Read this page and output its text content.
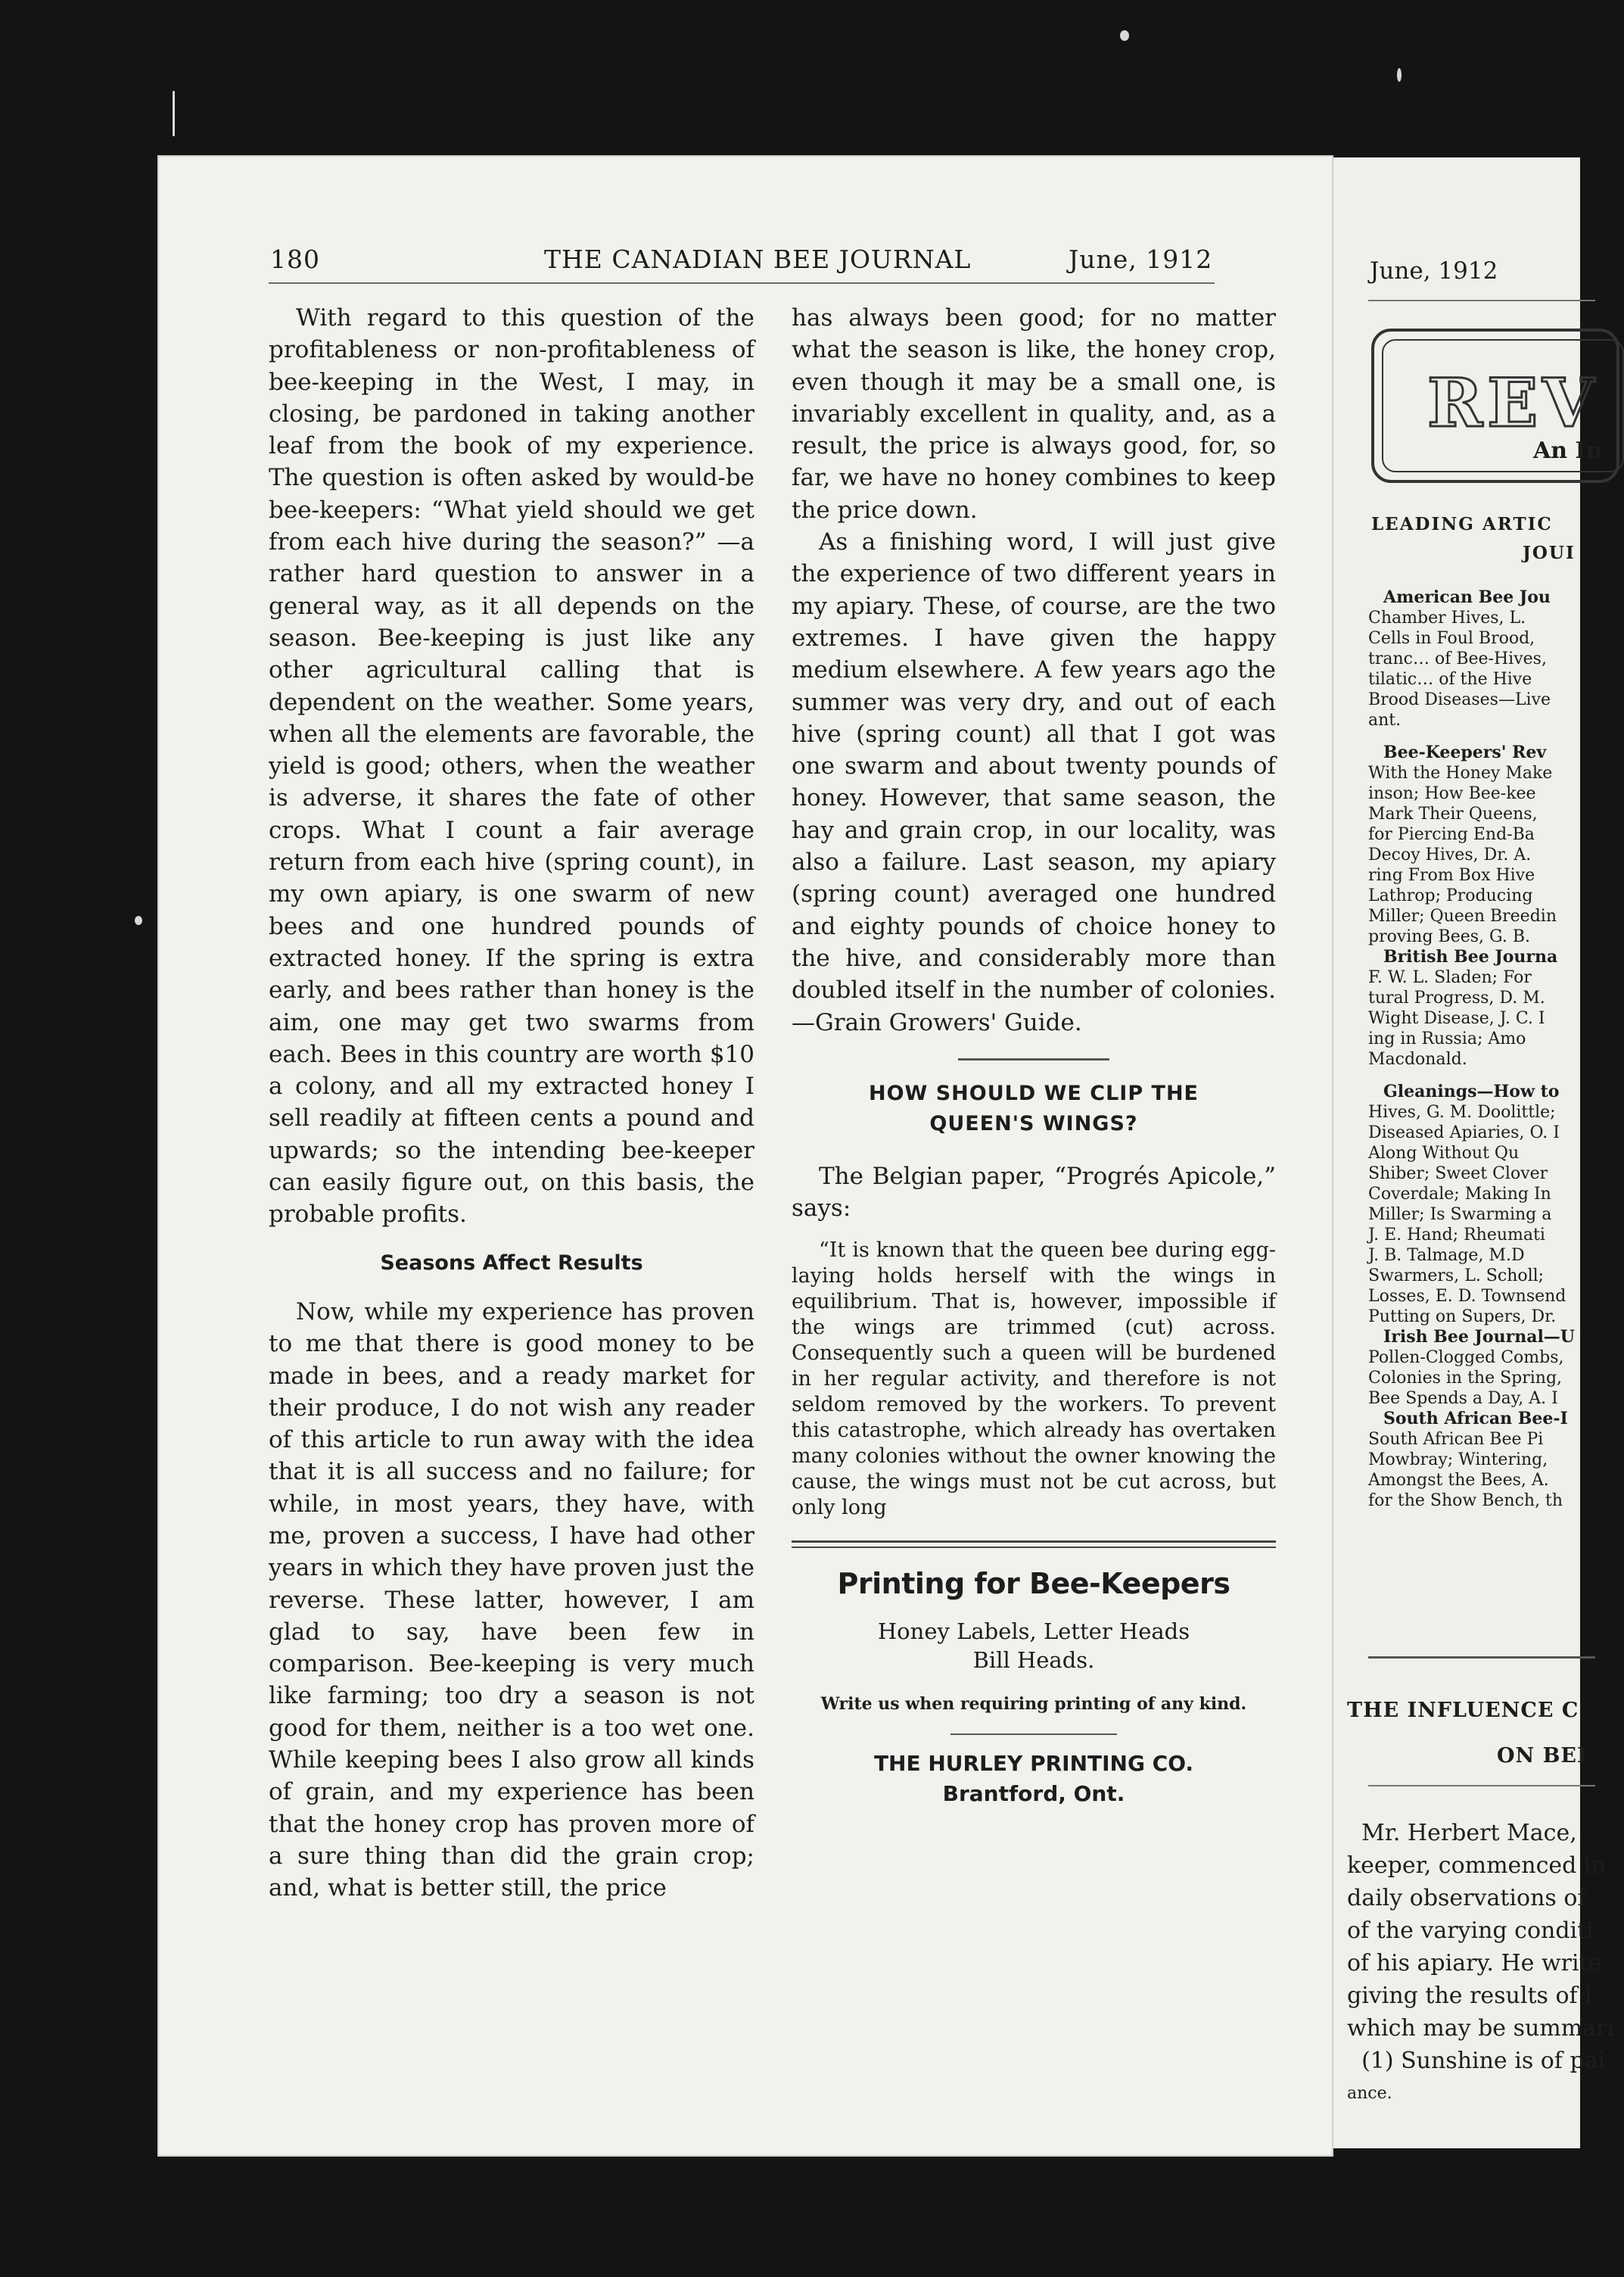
180	THE CANADIAN BEE JOURNAL	June, 1912

With regard to this question of the profitableness or non-profitableness of bee-keeping in the West, I may, in closing, be pardoned in taking another leaf from the book of my experience. The question is often asked by would-be bee-keepers: “What yield should we get from each hive during the season?” —a rather hard question to answer in a general way, as it all depends on the season. Bee-keeping is just like any other agricultural calling that is dependent on the weather. Some years, when all the elements are favorable, the yield is good; others, when the weather is adverse, it shares the fate of other crops. What I count a fair average return from each hive (spring count), in my own apiary, is one swarm of new bees and one hundred pounds of extracted honey. If the spring is extra early, and bees rather than honey is the aim, one may get two swarms from each. Bees in this country are worth $10 a colony, and all my extracted honey I sell readily at fifteen cents a pound and upwards; so the intending bee-keeper can easily figure out, on this basis, the probable profits.

Seasons Affect Results

Now, while my experience has proven to me that there is good money to be made in bees, and a ready market for their produce, I do not wish any reader of this article to run away with the idea that it is all success and no failure; for while, in most years, they have, with me, proven a success, I have had other years in which they have proven just the reverse. These latter, however, I am glad to say, have been few in comparison. Bee-keeping is very much like farming; too dry a season is not good for them, neither is a too wet one. While keeping bees I also grow all kinds of grain, and my experience has been that the honey crop has proven more of a sure thing than did the grain crop; and, what is better still, the price

has always been good; for no matter what the season is like, the honey crop, even though it may be a small one, is invariably excellent in quality, and, as a result, the price is always good, for, so far, we have no honey combines to keep the price down.

As a finishing word, I will just give the experience of two different years in my apiary. These, of course, are the two extremes. I have given the happy medium elsewhere. A few years ago the summer was very dry, and out of each hive (spring count) all that I got was one swarm and about twenty pounds of honey. However, that same season, the hay and grain crop, in our locality, was also a failure. Last season, my apiary (spring count) averaged one hundred and eighty pounds of choice honey to the hive, and considerably more than doubled itself in the number of colonies.—Grain Growers' Guide.

HOW SHOULD WE CLIP THE
QUEEN'S WINGS?

The Belgian paper, “Progrés Apicole,” says:

“It is known that the queen bee during egg-laying holds herself with the wings in equilibrium. That is, however, impossible if the wings are trimmed (cut) across. Consequently such a queen will be burdened in her regular activity, and therefore is not seldom removed by the workers. To prevent this catastrophe, which already has overtaken many colonies without the owner knowing the cause, the wings must not be cut across, but only long

Printing for Bee-Keepers
Honey Labels, Letter Heads
Bill Heads.
Write us when requiring printing of any kind.
THE HURLEY PRINTING CO.
Brantford, Ont.
June, 1912
REV
An In
LEADING ARTIC
JOUI
American Bee Jou
Chamber Hives, L.
Cells in Foul Brood,
tranc… of Bee-Hives,
tilatic… of the Hive
Brood Diseases—Live
ant.
Bee-Keepers' Rev
With the Honey Make
inson; How Bee-kee
Mark Their Queens,
for Piercing End-Ba
Decoy Hives, Dr. A.
ring From Box Hive
Lathrop; Producing
Miller; Queen Breedin
proving Bees, G. B.
British Bee Journa
F. W. L. Sladen; For
tural Progress, D. M.
Wight Disease, J. C. I
ing in Russia; Amo
Macdonald.
Gleanings—How to
Hives, G. M. Doolittle;
Diseased Apiaries, O. I
Along Without Qu
Shiber; Sweet Clover
Coverdale; Making In
Miller; Is Swarming a
J. E. Hand; Rheumati
J. B. Talmage, M.D
Swarmers, L. Scholl;
Losses, E. D. Townsend
Putting on Supers, Dr.
Irish Bee Journal—U
Pollen-Clogged Combs,
Colonies in the Spring,
Bee Spends a Day, A. I
South African Bee-I
South African Bee Pi
Mowbray; Wintering,
Amongst the Bees, A.
for the Show Bench, th
THE INFLUENCE C
ON BEI
Mr. Herbert Mace,
keeper, commenced in
daily observations of
of the varying conditi
of his apiary. He write
giving the results of l
which may be summari
(1) Sunshine is of pai
ance.
